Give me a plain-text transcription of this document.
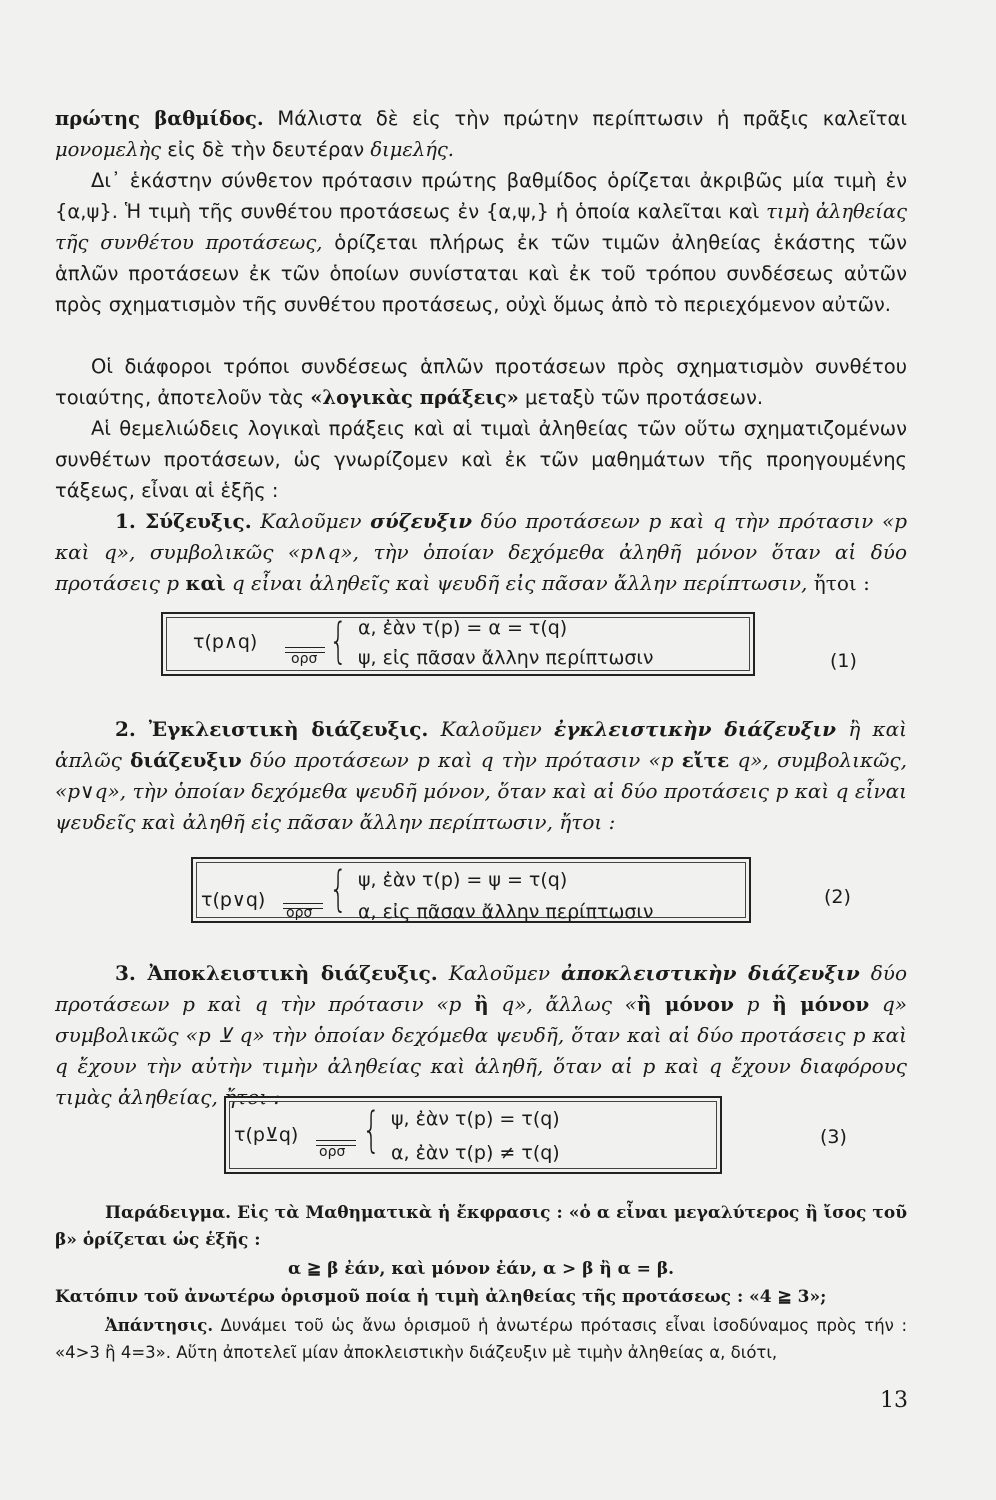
πρώτης βαθμίδος. Μάλιστα δὲ εἰς τὴν πρώτην περίπτωσιν ἡ πρᾶξις καλεῖται μονομελὴς εἰς δὲ τὴν δευτέραν διμελής.
Δι᾽ ἑκάστην σύνθετον πρότασιν πρώτης βαθμίδος ὁρίζεται ἀκριβῶς μία τιμὴ ἐν {α,ψ}. Ἡ τιμὴ τῆς συνθέτου προτάσεως ἐν {α,ψ,} ἡ ὁποία καλεῖται καὶ τιμὴ ἀληθείας τῆς συνθέτου προτάσεως, ὁρίζεται πλήρως ἐκ τῶν τιμῶν ἀληθείας ἑκάστης τῶν ἁπλῶν προτάσεων ἐκ τῶν ὁποίων συνίσταται καὶ ἐκ τοῦ τρόπου συνδέσεως αὐτῶν πρὸς σχηματισμὸν τῆς συνθέτου προτάσεως, οὐχὶ ὅμως ἀπὸ τὸ περιεχόμενον αὐτῶν.
Οἱ διάφοροι τρόποι συνδέσεως ἁπλῶν προτάσεων πρὸς σχηματισμὸν συνθέτου τοιαύτης, ἀποτελοῦν τὰς «λογικὰς πράξεις» μεταξὺ τῶν προτάσεων.
Αἱ θεμελιώδεις λογικαὶ πράξεις καὶ αἱ τιμαὶ ἀληθείας τῶν οὕτω σχηματιζομένων συνθέτων προτάσεων, ὡς γνωρίζομεν καὶ ἐκ τῶν μαθημάτων τῆς προηγουμένης τάξεως, εἶναι αἱ ἑξῆς :
1. Σύζευξις. Καλοῦμεν σύζευξιν δύο προτάσεων p καὶ q τὴν πρότασιν «p καὶ q», συμβολικῶς «p∧q», τὴν ὁποίαν δεχόμεθα ἀληθῆ μόνον ὅταν αἱ δύο προτάσεις p καὶ q εἶναι ἀληθεῖς καὶ ψευδῆ εἰς πᾶσαν ἄλλην περίπτωσιν, ἤτοι :
τ(p∧q)
ορσ { α, ἐὰν τ(p) = α = τ(q)
ψ, εἰς πᾶσαν ἄλλην περίπτωσιν	(1)
2. Ἐγκλειστικὴ διάζευξις. Καλοῦμεν ἐγκλειστικὴν διάζευξιν ἢ καὶ ἁπλῶς διάζευξιν δύο προτάσεων p καὶ q τὴν πρότασιν «p εἴτε q», συμβολικῶς, «p∨q», τὴν ὁποίαν δεχόμεθα ψευδῆ μόνον, ὅταν καὶ αἱ δύο προτάσεις p καὶ q εἶναι ψευδεῖς καὶ ἀληθῆ εἰς πᾶσαν ἄλλην περίπτωσιν, ἤτοι :
τ(p∨q)
ορσ { ψ, ἐὰν τ(p) = ψ = τ(q)
α, εἰς πᾶσαν ἄλλην περίπτωσιν
(2)
3. Ἀποκλειστικὴ διάζευξις. Καλοῦμεν ἀποκλειστικὴν διάζευξιν δύο προτάσεων p καὶ q τὴν πρότασιν «p ἢ q», ἄλλως «ἢ μόνον p ἢ μόνον q» συμβολικῶς «p ⊻ q» τὴν ὁποίαν δεχόμεθα ψευδῆ, ὅταν καὶ αἱ δύο προτάσεις p καὶ q ἔχουν τὴν αὐτὴν τιμὴν ἀληθείας καὶ ἀληθῆ, ὅταν αἱ p καὶ q ἔχουν διαφόρους τιμὰς ἀληθείας, ἤτοι :
τ(p⊻q)
ορσ { ψ, ἐὰν τ(p) = τ(q)
α, ἐὰν τ(p) ≠ τ(q)
(3)
Παράδειγμα. Εἰς τὰ Μαθηματικὰ ἡ ἔκφρασις : «ὁ α εἶναι μεγαλύτερος ἢ ἴσος τοῦ β» ὁρίζεται ὡς ἑξῆς :
α ≧ β ἐάν, καὶ μόνον ἐάν, α > β ἢ α = β.
Κατόπιν τοῦ ἀνωτέρω ὁρισμοῦ ποία ἡ τιμὴ ἀληθείας τῆς προτάσεως : «4 ≧ 3»;
Ἀπάντησις. Δυνάμει τοῦ ὡς ἄνω ὁρισμοῦ ἡ ἀνωτέρω πρότασις εἶναι ἰσοδύναμος πρὸς τήν : «4>3 ἢ 4=3». Αὕτη ἀποτελεῖ μίαν ἀποκλειστικὴν διάζευξιν μὲ τιμὴν ἀληθείας α, διότι,
13
